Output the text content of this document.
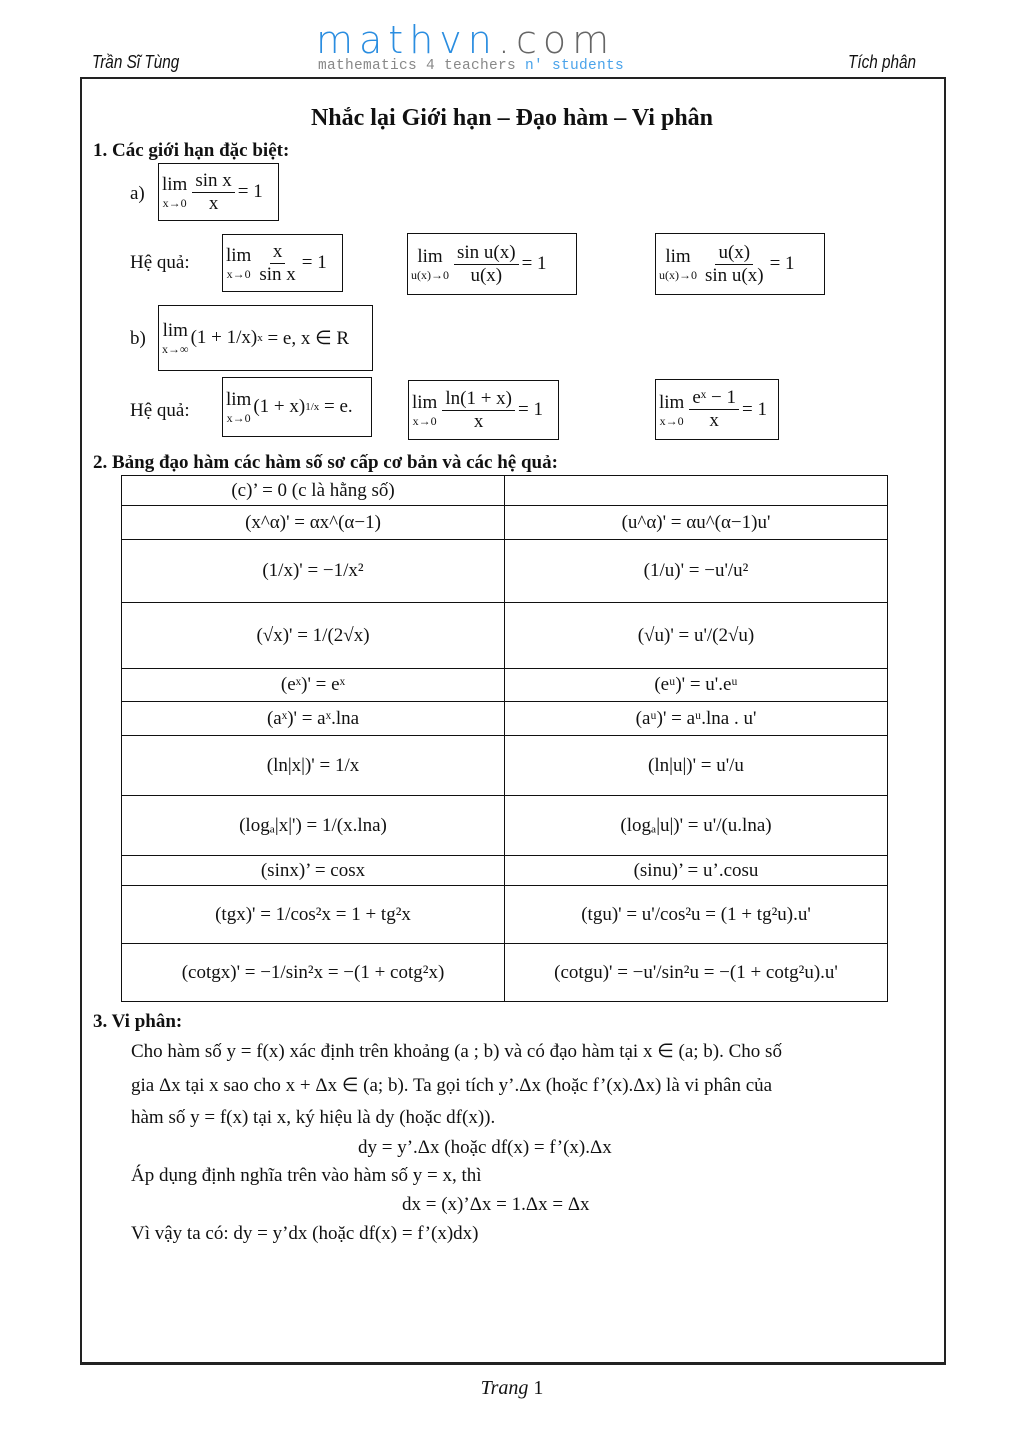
Trần Sĩ Tùng	mathvn.com
mathematics 4 teachers n' students	Tích phân
Nhắc lại Giới hạn – Đạo hàm – Vi phân
1. Các giới hạn đặc biệt:
a) lim
$x\to 0 \frac{\text{sin x}}{x} = 1$
Hệ quả: lim
$x\to 0 \frac{x}{\text{sin x}} = 1$	lim
$u(x)\to 0 \frac{\text{sin u(x)}}{u(x)} = 1$	lim
$u(x)\to 0 \frac{u(x)}{\text{sin u(x)}} = 1$
b) lim
x→∞
(1 + 1/x) x
= e, x ∈ R
Hệ quả:
lim
x→0
(1 + x) 1/x
= e.	lim
$x\to 0 \frac{\ln(1 + x)}{x} = 1$	lim
$x\to 0 \frac{\text{eˣ − 1}}{x} = 1$
2. Bảng đạo hàm các hàm số sơ cấp cơ bản và các hệ quả:
(c)’ = 0 (c là hằng số)	
(x^α)' = αx^(α−1)	(u^α)' = αu^(α−1)u'
(1/x)' = −1/x²	(1/u)' = −u'/u²
(√x)' = 1/(2√x)	(√u)' = u'/(2√u)
(eˣ)' = eˣ	(eᵘ)' = u'.eᵘ
(aˣ)' = aˣ.lna	(aᵘ)' = aᵘ.lna . u'
(ln|x|)' = 1/x	(ln|u|)' = u'/u
(logₐ|x|') = 1/(x.lna)	(logₐ|u|)' = u'/(u.lna)
(sinx)’ = cosx	(sinu)’ = u’.cosu
(tgx)' = 1/cos²x = 1 + tg²x	(tgu)' = u'/cos²u = (1 + tg²u).u'
(cotgx)' = −1/sin²x = −(1 + cotg²x)	(cotgu)' = −u'/sin²u = −(1 + cotg²u).u'
3. Vi phân:
Cho hàm số y = f(x) xác định trên khoảng (a ; b) và có đạo hàm tại x ∈ (a; b). Cho số
gia Δx tại x sao cho x + Δx ∈ (a; b). Ta gọi tích y’.Δx (hoặc f’(x).Δx) là vi phân của
hàm số y = f(x) tại x, ký hiệu là dy (hoặc df(x)).
dy = y’.Δx (hoặc df(x) = f’(x).Δx
Áp dụng định nghĩa trên vào hàm số y = x, thì
dx = (x)’Δx = 1.Δx = Δx
Vì vậy ta có: dy = y’dx (hoặc df(x) = f’(x)dx)
Trang 1
